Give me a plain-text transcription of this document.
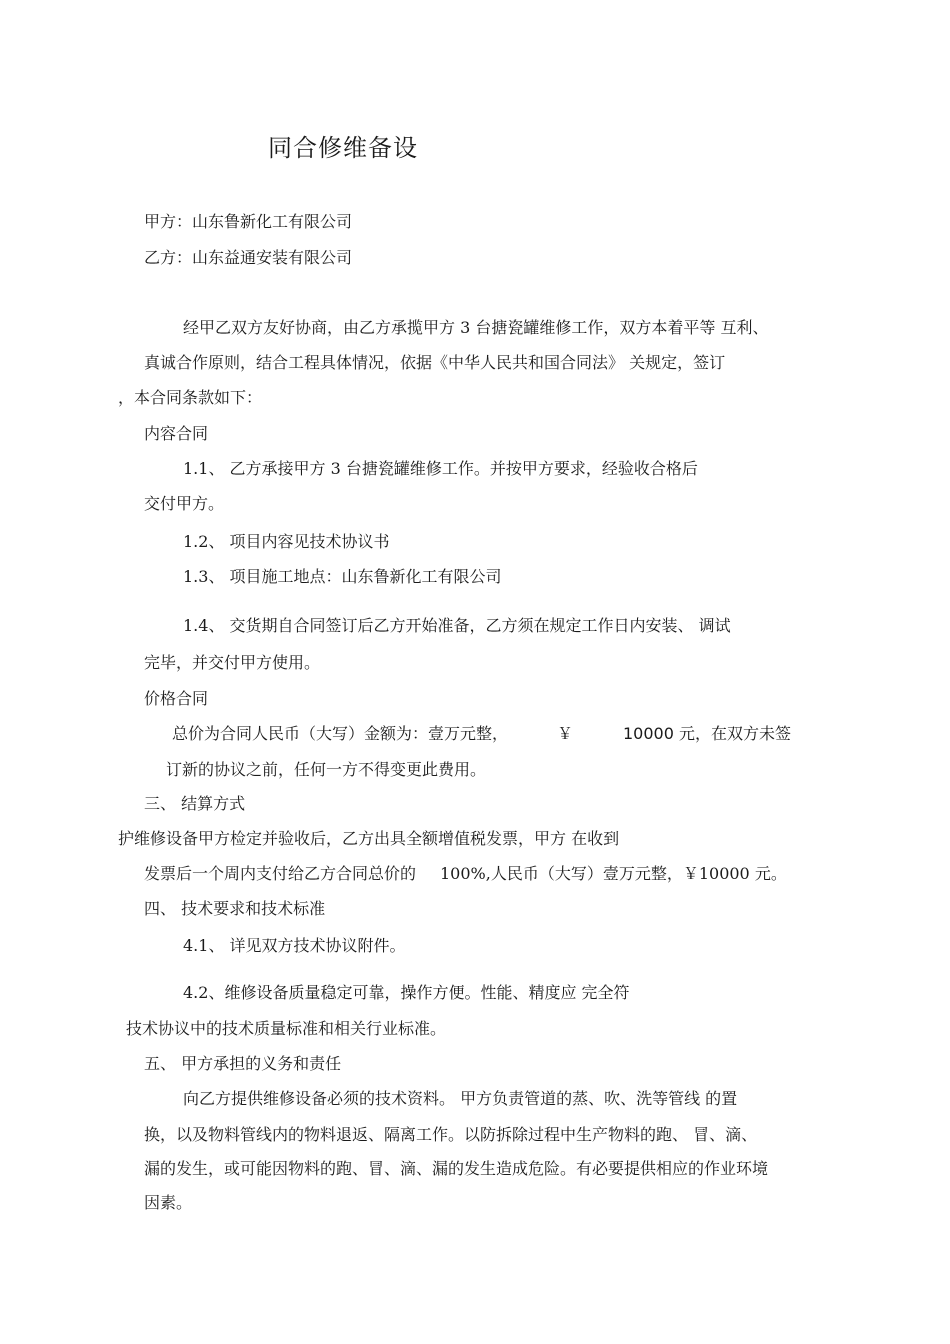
同合修维备设
甲方：山东鲁新化工有限公司
乙方：山东益通安装有限公司
经甲乙双方友好协商，由乙方承揽甲方 3 台搪瓷罐维修工作，双方本着平等 互利、
真诚合作原则，结合工程具体情况，依据《中华人民共和国合同法》 关规定，签订
，本合同条款如下：
内容合同
1.1、 乙方承接甲方 3 台搪瓷罐维修工作。并按甲方要求，经验收合格后
交付甲方。
1.2、 项目内容见技术协议书
1.3、 项目施工地点：山东鲁新化工有限公司
1.4、 交货期自合同签订后乙方开始准备，乙方须在规定工作日内安装、 调试
完毕，并交付甲方使用。
价格合同
总价为合同人民币（大写）金额为：壹万元整，	￥	10000 元，在双方未签
订新的协议之前，任何一方不得变更此费用。
三、 结算方式
护维修设备甲方检定并验收后，乙方出具全额增值税发票，甲方 在收到
发票后一个周内支付给乙方合同总价的 100%,人民币（大写）壹万元整，￥10000 元。
四、 技术要求和技术标准
4.1、 详见双方技术协议附件。
4.2、维修设备质量稳定可靠，操作方便。性能、精度应 完全符
技术协议中的技术质量标准和相关行业标准。
五、 甲方承担的义务和责任
向乙方提供维修设备必须的技术资料。 甲方负责管道的蒸、吹、洗等管线 的置
换，以及物料管线内的物料退返、隔离工作。以防拆除过程中生产物料的跑、 冒、滴、
漏的发生，或可能因物料的跑、冒、滴、漏的发生造成危险。有必要提供相应的作业环境
因素。
